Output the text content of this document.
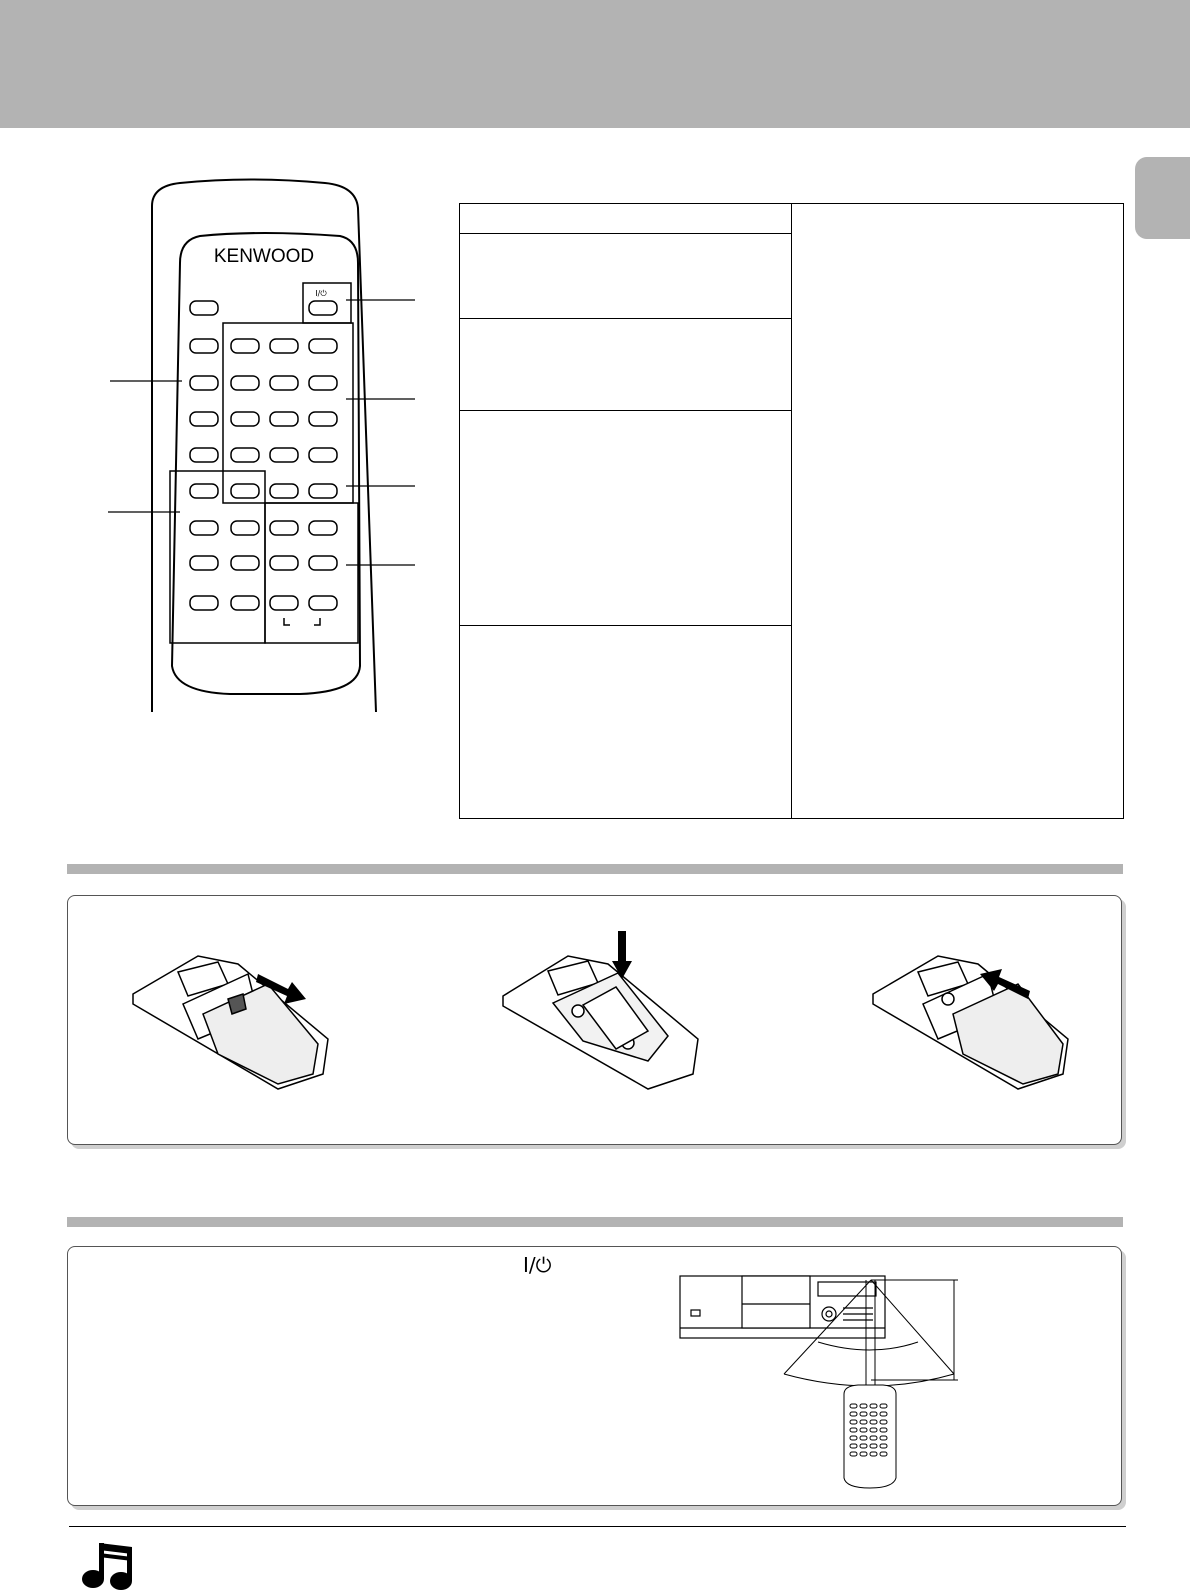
KENWOOD
I/⏻
I/⏻
